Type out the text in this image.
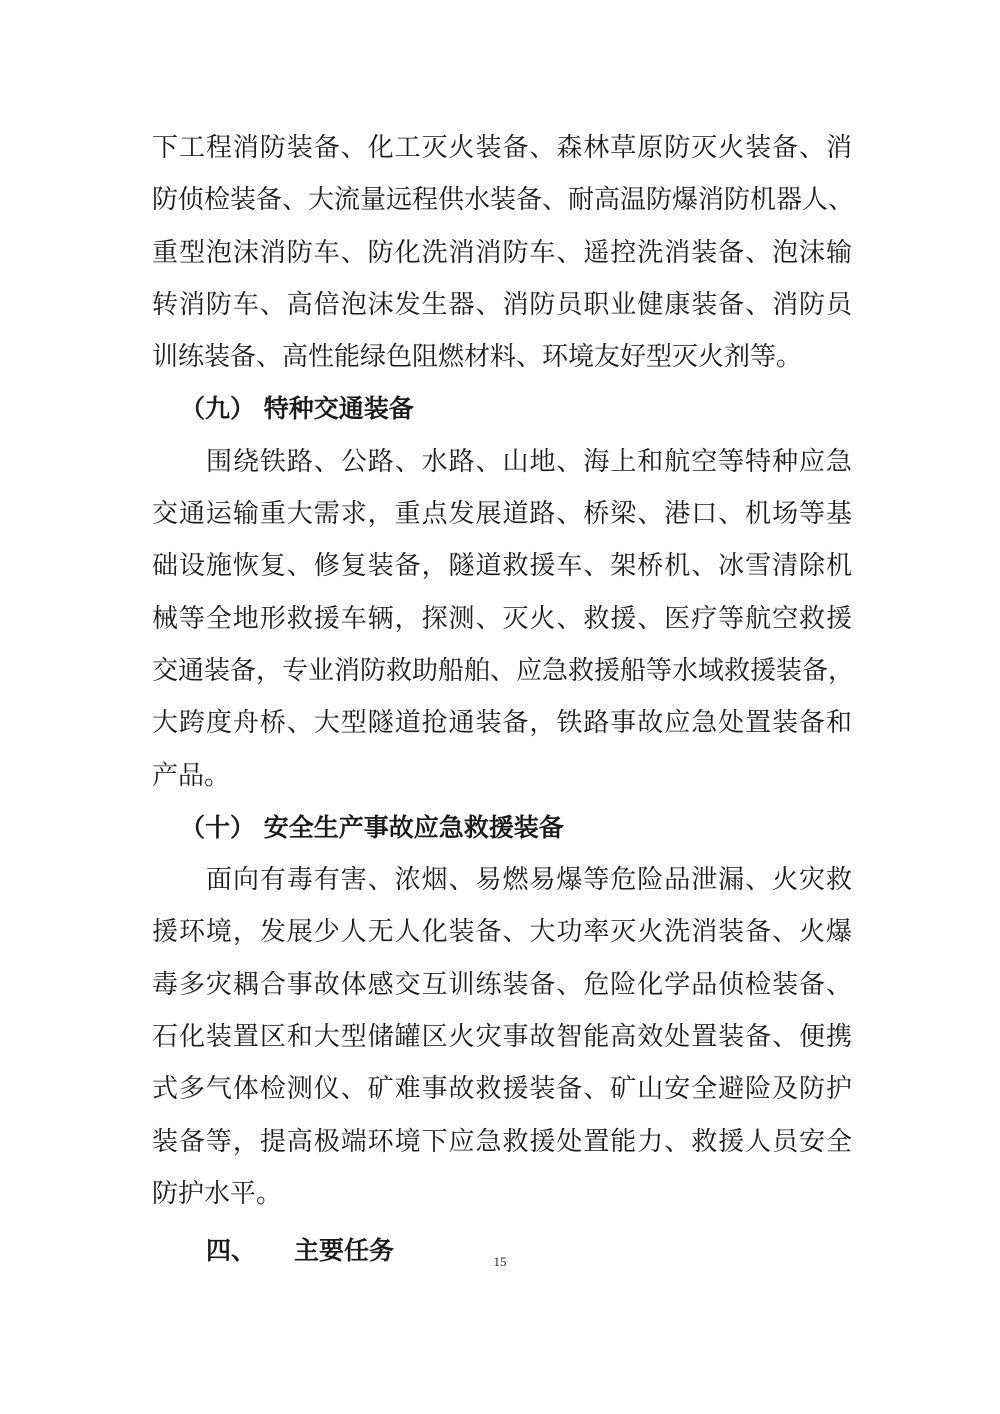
下工程消防装备、化工灭火装备、森林草原防灭火装备、消
防侦检装备、大流量远程供水装备、耐高温防爆消防机器人、
重型泡沫消防车、防化洗消消防车、遥控洗消装备、泡沫输
转消防车、高倍泡沫发生器、消防员职业健康装备、消防员
训练装备、高性能绿色阻燃材料、环境友好型灭火剂等。
（九） 特种交通装备
围绕铁路、公路、水路、山地、海上和航空等特种应急
交通运输重大需求，重点发展道路、桥梁、港口、机场等基
础设施恢复、修复装备，隧道救援车、架桥机、冰雪清除机
械等全地形救援车辆，探测、灭火、救援、医疗等航空救援
交通装备，专业消防救助船舶、应急救援船等水域救援装备，
大跨度舟桥、大型隧道抢通装备，铁路事故应急处置装备和
产品。
（十） 安全生产事故应急救援装备
面向有毒有害、浓烟、易燃易爆等危险品泄漏、火灾救
援环境，发展少人无人化装备、大功率灭火洗消装备、火爆
毒多灾耦合事故体感交互训练装备、危险化学品侦检装备、
石化装置区和大型储罐区火灾事故智能高效处置装备、便携
式多气体检测仪、矿难事故救援装备、矿山安全避险及防护
装备等，提高极端环境下应急救援处置能力、救援人员安全
防护水平。
四、 主要任务	15
